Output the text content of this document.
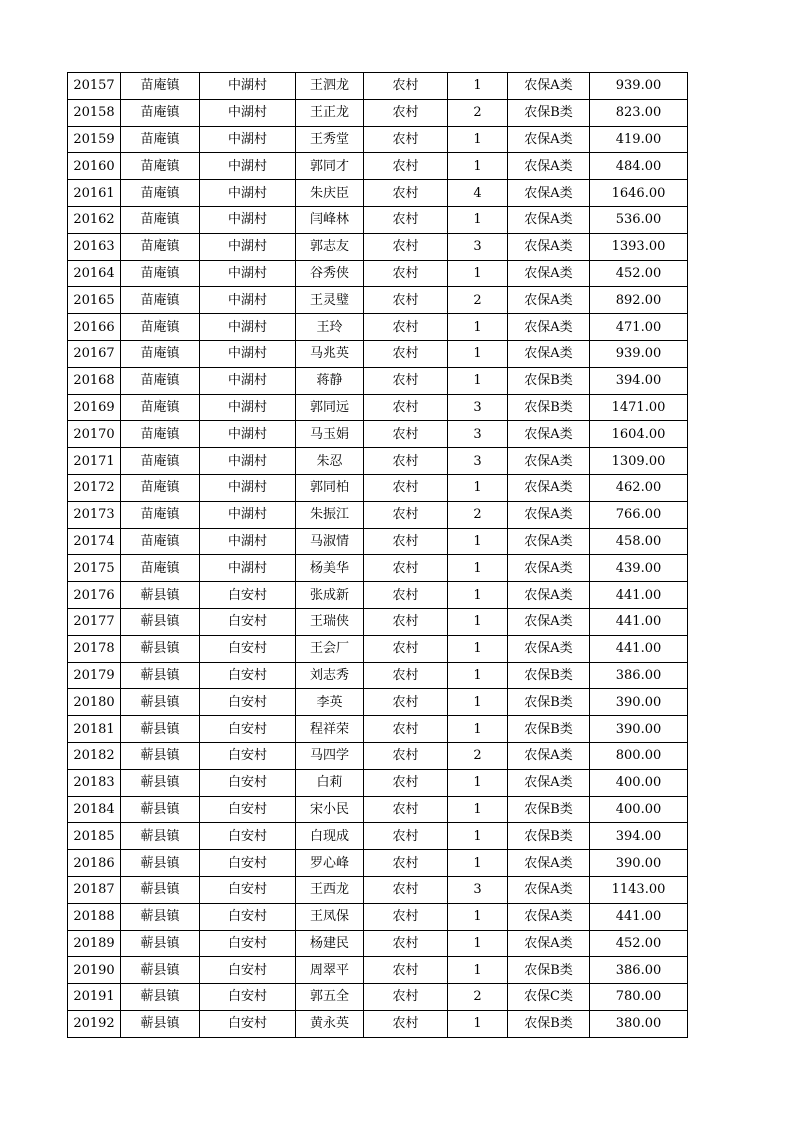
20157	苗庵镇	中湖村	王泗龙	农村	1	农保A类	939.00
20158	苗庵镇	中湖村	王正龙	农村	2	农保B类	823.00
20159	苗庵镇	中湖村	王秀堂	农村	1	农保A类	419.00
20160	苗庵镇	中湖村	郭同才	农村	1	农保A类	484.00
20161	苗庵镇	中湖村	朱庆臣	农村	4	农保A类	1646.00
20162	苗庵镇	中湖村	闫峰林	农村	1	农保A类	536.00
20163	苗庵镇	中湖村	郭志友	农村	3	农保A类	1393.00
20164	苗庵镇	中湖村	谷秀侠	农村	1	农保A类	452.00
20165	苗庵镇	中湖村	王灵璧	农村	2	农保A类	892.00
20166	苗庵镇	中湖村	王玲	农村	1	农保A类	471.00
20167	苗庵镇	中湖村	马兆英	农村	1	农保A类	939.00
20168	苗庵镇	中湖村	蒋静	农村	1	农保B类	394.00
20169	苗庵镇	中湖村	郭同远	农村	3	农保B类	1471.00
20170	苗庵镇	中湖村	马玉娟	农村	3	农保A类	1604.00
20171	苗庵镇	中湖村	朱忍	农村	3	农保A类	1309.00
20172	苗庵镇	中湖村	郭同柏	农村	1	农保A类	462.00
20173	苗庵镇	中湖村	朱振江	农村	2	农保A类	766.00
20174	苗庵镇	中湖村	马淑情	农村	1	农保A类	458.00
20175	苗庵镇	中湖村	杨美华	农村	1	农保A类	439.00
20176	蕲县镇	白安村	张成新	农村	1	农保A类	441.00
20177	蕲县镇	白安村	王瑞侠	农村	1	农保A类	441.00
20178	蕲县镇	白安村	王会厂	农村	1	农保A类	441.00
20179	蕲县镇	白安村	刘志秀	农村	1	农保B类	386.00
20180	蕲县镇	白安村	李英	农村	1	农保B类	390.00
20181	蕲县镇	白安村	程祥荣	农村	1	农保B类	390.00
20182	蕲县镇	白安村	马四学	农村	2	农保A类	800.00
20183	蕲县镇	白安村	白莉	农村	1	农保A类	400.00
20184	蕲县镇	白安村	宋小民	农村	1	农保B类	400.00
20185	蕲县镇	白安村	白现成	农村	1	农保B类	394.00
20186	蕲县镇	白安村	罗心峰	农村	1	农保A类	390.00
20187	蕲县镇	白安村	王西龙	农村	3	农保A类	1143.00
20188	蕲县镇	白安村	王凤保	农村	1	农保A类	441.00
20189	蕲县镇	白安村	杨建民	农村	1	农保A类	452.00
20190	蕲县镇	白安村	周翠平	农村	1	农保B类	386.00
20191	蕲县镇	白安村	郭五全	农村	2	农保C类	780.00
20192	蕲县镇	白安村	黄永英	农村	1	农保B类	380.00
